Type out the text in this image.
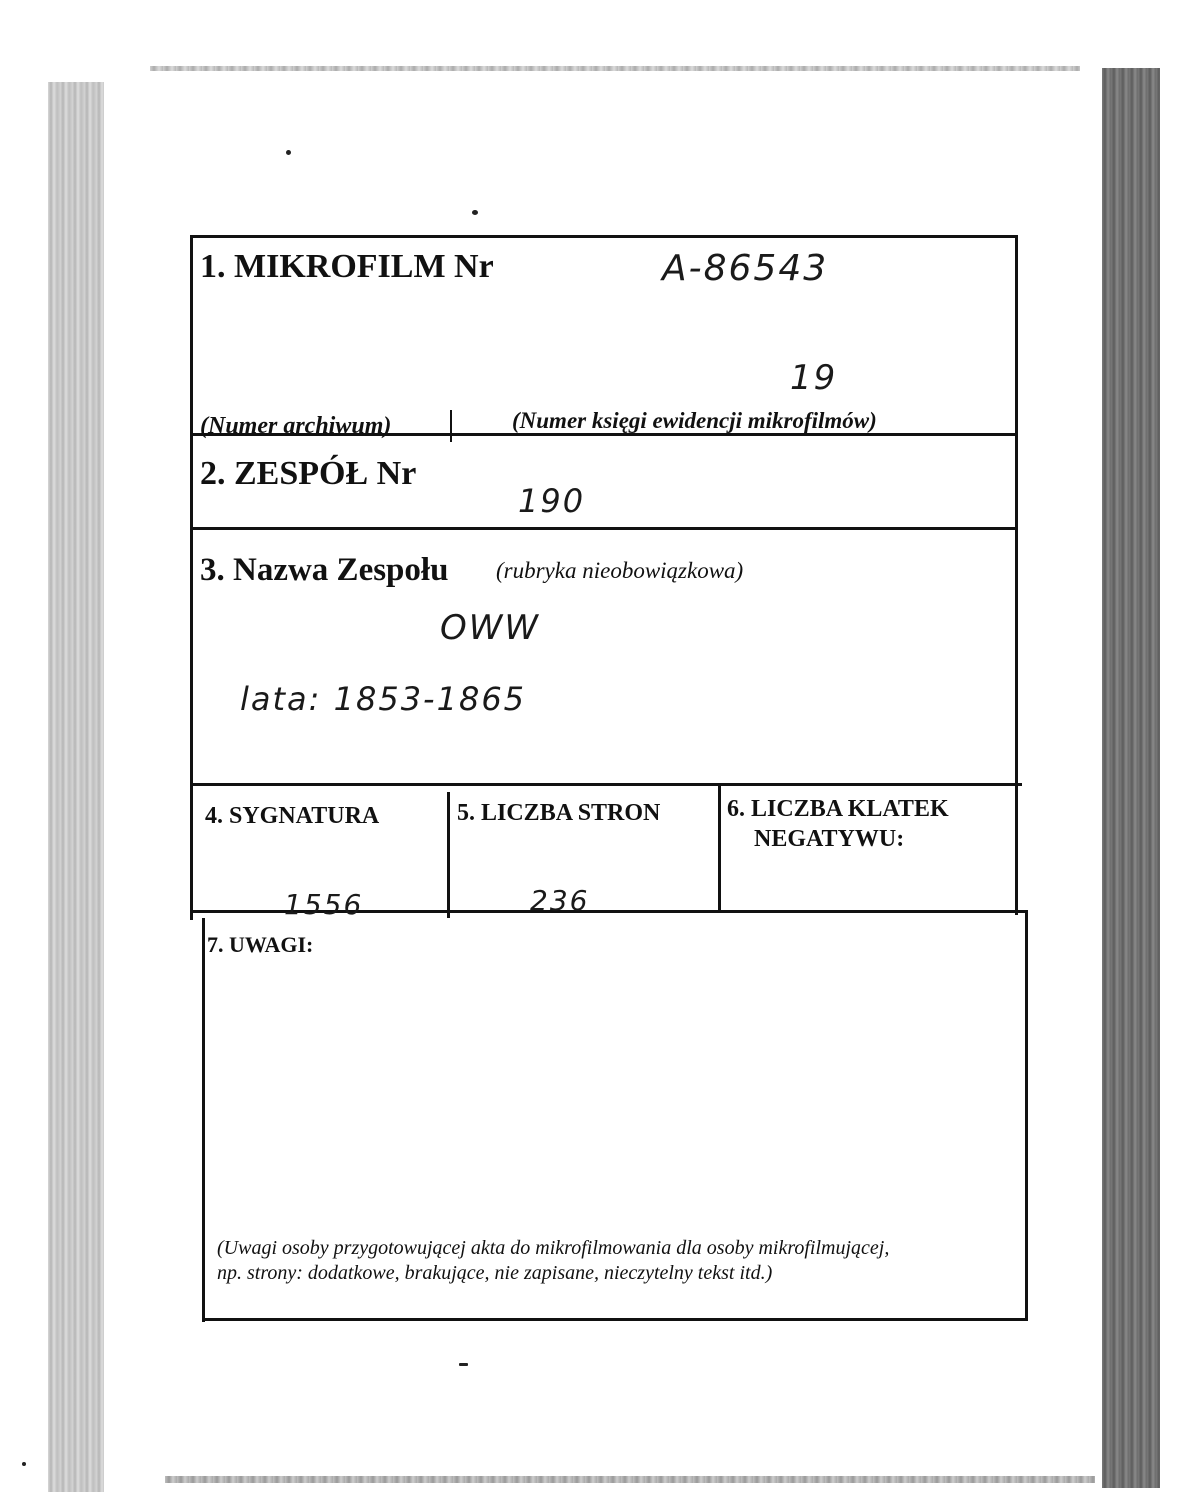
1. MIKROFILM Nr	A-86543
19
(Numer archiwum)	(Numer księgi ewidencji mikrofilmów)
2. ZESPÓŁ Nr
190
3. Nazwa Zespołu (rubryka nieobowiązkowa)
OWW
lata: 1853-1865
4. SYGNATURA
1556
5. LICZBA STRON
236
6. LICZBA KLATEK
NEGATYWU:
7. UWAGI:
(Uwagi osoby przygotowującej akta do mikrofilmowania dla osoby mikrofilmującej,
np. strony: dodatkowe, brakujące, nie zapisane, nieczytelny tekst itd.)
